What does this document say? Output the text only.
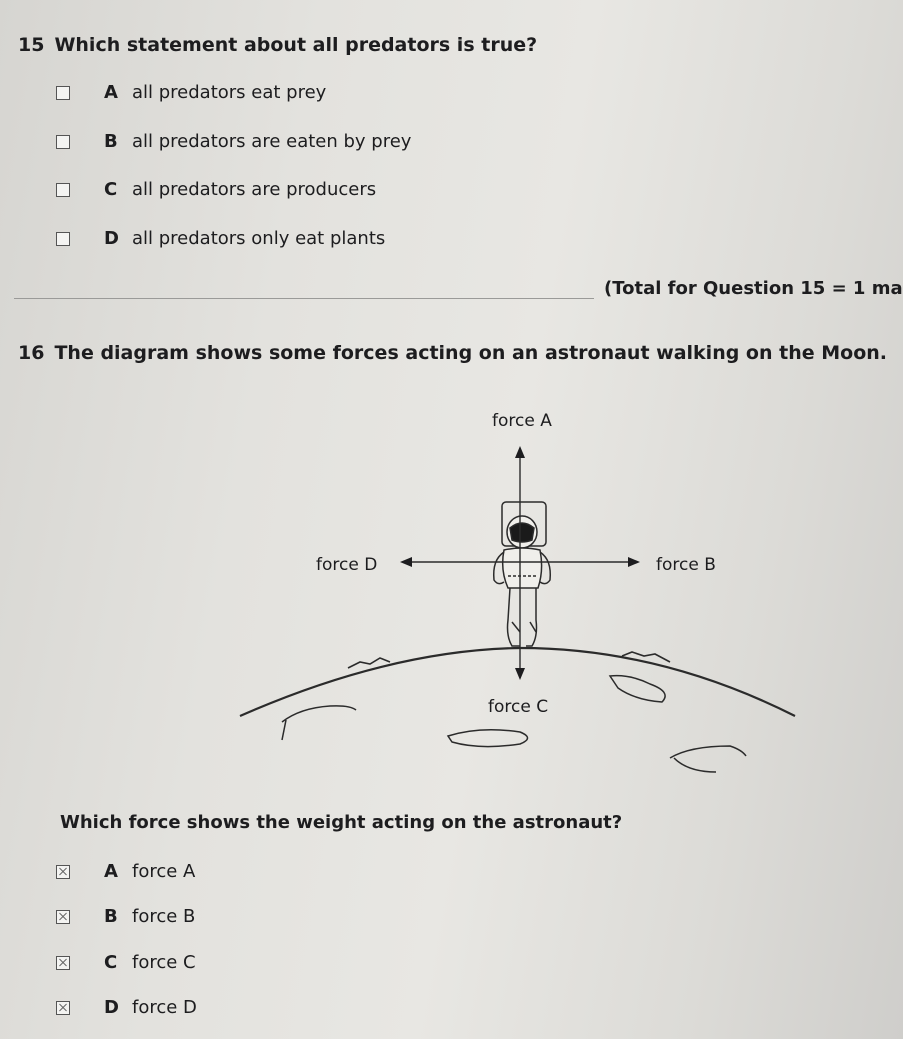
15 Which statement about all predators is true?
A all predators eat prey
B all predators are eaten by prey
C all predators are producers
D all predators only eat plants
(Total for Question 15 = 1 ma
16 The diagram shows some forces acting on an astronaut walking on the Moon.
force A
force B
force C
force D
Which force shows the weight acting on the astronaut?
A force A
B force B
C force C
D force D
